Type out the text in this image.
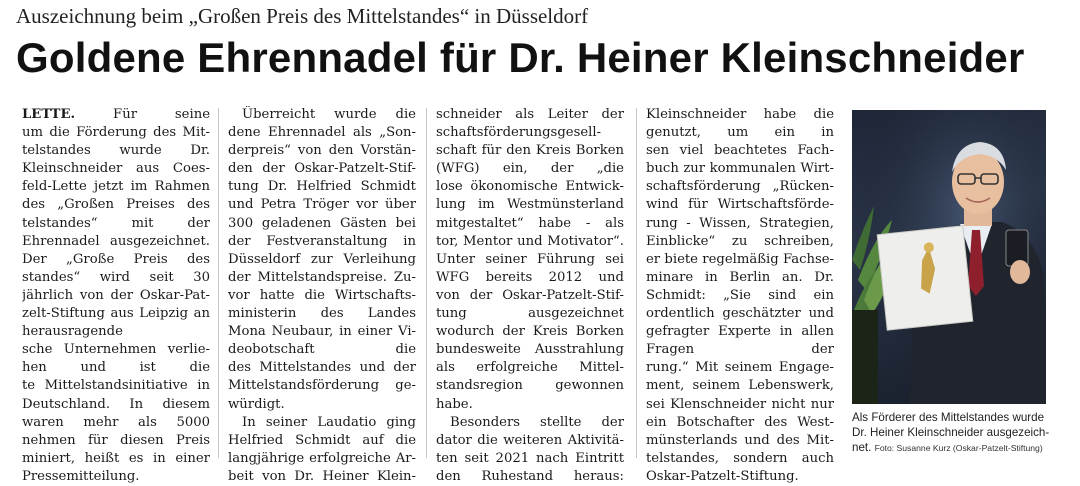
Auszeichnung beim „Großen Preis des Mittelstandes“ in Düsseldorf
Goldene Ehrennadel für Dr. Heiner Kleinschneider
LETTE.	Für seine
um die Förderung des Mit-
telstandes wurde Dr.
Kleinschneider aus Coes-
feld-Lette jetzt im Rahmen
des „Großen Preises des
telstandes“ mit der
Ehrennadel ausgezeichnet.
Der „Große Preis des
standes“ wird seit 30
jährlich von der Oskar-Pat-
zelt-Stiftung aus Leipzig an
herausragende
sche Unternehmen verlie-
hen und ist die
te Mittelstandsinitiative in
Deutschland. In diesem
waren mehr als 5000
nehmen für diesen Preis
miniert, heißt es in einer
Pressemitteilung.
Überreicht wurde die
dene Ehrennadel als „Son-
derpreis“ von den Vorstän-
den der Oskar-Patzelt-Stif-
tung Dr. Helfried Schmidt
und Petra Tröger vor über
300 geladenen Gästen bei
der Festveranstaltung in
Düsseldorf zur Verleihung
der Mittelstandspreise. Zu-
vor hatte die Wirtschafts-
ministerin des Landes
Mona Neubaur, in einer Vi-
deobotschaft die
des Mittelstandes und der
Mittelstandsförderung ge-
würdigt.
In seiner Laudatio ging
Helfried Schmidt auf die
langjährige erfolgreiche Ar-
beit von Dr. Heiner Klein-
schneider als Leiter der
schaftsförderungsgesell-
schaft für den Kreis Borken
(WFG) ein, der „die
lose ökonomische Entwick-
lung im Westmünsterland
mitgestaltet“ habe - als
tor, Mentor und Motivator“.
Unter seiner Führung sei
WFG bereits 2012 und
von der Oskar-Patzelt-Stif-
tung ausgezeichnet
wodurch der Kreis Borken
bundesweite Ausstrahlung
als erfolgreiche Mittel-
standsregion gewonnen
habe.
Besonders stellte der
dator die weiteren Aktivitä-
ten seit 2021 nach Eintritt
den Ruhestand heraus:
Kleinschneider habe die
genutzt, um ein in
sen viel beachtetes Fach-
buch zur kommunalen Wirt-
schaftsförderung „Rücken-
wind für Wirtschaftsförde-
rung - Wissen, Strategien,
Einblicke“ zu schreiben,
er biete regelmäßig Fachse-
minare in Berlin an. Dr.
Schmidt: „Sie sind ein
ordentlich geschätzter und
gefragter Experte in allen
Fragen der
rung.“ Mit seinem Engage-
ment, seinem Lebenswerk,
sei Klenschneider nicht nur
ein Botschafter des West-
münsterlands und des Mit-
telstandes, sondern auch
Oskar-Patzelt-Stiftung.
Als Förderer des Mittelstandes wurde
Dr. Heiner Kleinschneider ausgezeich-
net. Foto: Susanne Kurz (Oskar-Patzelt-Stiftung)
